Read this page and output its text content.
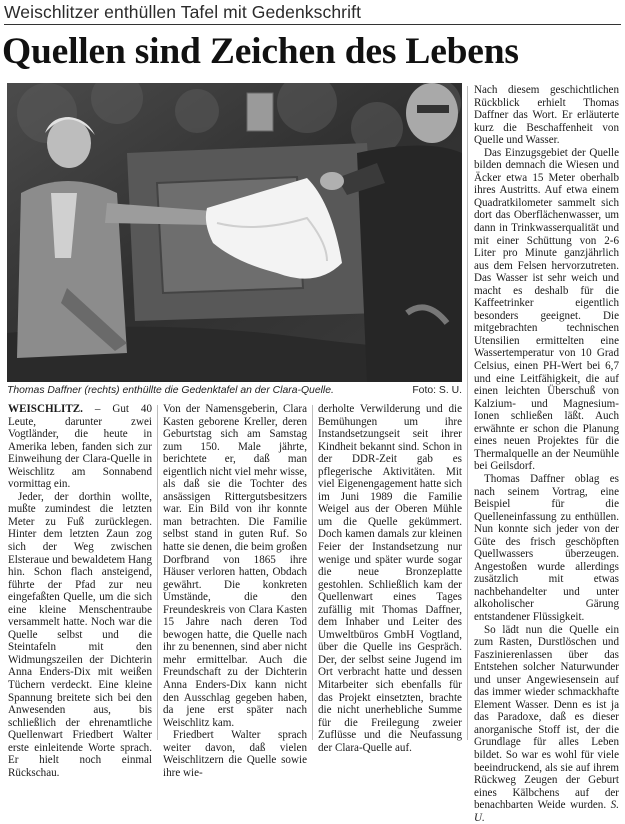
Weischlitzer enthüllen Tafel mit Gedenkschrift
Quellen sind Zeichen des Lebens
Thomas Daffner (rechts) enthüllte die Gedenktafel an der Clara-Quelle.	Foto: S. U.

WEISCHLITZ. – Gut 40 Leute, darunter zwei Vogtländer, die heute in Amerika leben, fanden sich zur Einweihung der Clara-Quelle in Weischlitz am Sonnabend vormittag ein.

Jeder, der dorthin wollte, mußte zumindest die letzten Meter zu Fuß zurücklegen. Hinter dem letzten Zaun zog sich der Weg zwischen Elsteraue und bewaldetem Hang hin. Schon flach ansteigend, führte der Pfad zur neu eingefaßten Quelle, um die sich eine kleine Menschentraube versammelt hatte. Noch war die Quelle selbst und die Steintafeln mit den Widmungszeilen der Dichterin Anna Enders-Dix mit weißen Tüchern verdeckt. Eine kleine Spannung breitete sich bei den Anwesenden aus, bis schließlich der ehrenamtliche Quellenwart Friedbert Walter erste einleitende Worte sprach. Er hielt noch einmal Rückschau.

Von der Namensgeberin, Clara Kasten geborene Kreller, deren Geburtstag sich am Samstag zum 150. Male jährte, berichtete er, daß man eigentlich nicht viel mehr wisse, als daß sie die Tochter des ansässigen Rittergutsbesitzers war. Ein Bild von ihr konnte man betrachten. Die Familie selbst stand in guten Ruf. So hatte sie denen, die beim großen Dorfbrand von 1865 ihre Häuser verloren hatten, Obdach gewährt. Die konkreten Umstände, die den Freundeskreis von Clara Kasten 15 Jahre nach deren Tod bewogen hatte, die Quelle nach ihr zu benennen, sind aber nicht mehr ermittelbar. Auch die Freundschaft zu der Dichterin Anna Enders-Dix kann nicht den Ausschlag gegeben haben, da jene erst später nach Weischlitz kam.

Friedbert Walter sprach weiter davon, daß vielen Weischlitzern die Quelle sowie ihre wie-

derholte Verwilderung und die Bemühungen um ihre Instandsetzungseit seit ihrer Kindheit bekannt sind. Schon in der DDR-Zeit gab es pflegerische Aktivitäten. Mit viel Eigenengagement hatte sich im Juni 1989 die Familie Weigel aus der Oberen Mühle um die Quelle gekümmert. Doch kamen damals zur kleinen Feier der Instandsetzung nur wenige und später wurde sogar die neue Bronzeplatte gestohlen. Schließlich kam der Quellenwart eines Tages zufällig mit Thomas Daffner, dem Inhaber und Leiter des Umweltbüros GmbH Vogtland, über die Quelle ins Gespräch. Der, der selbst seine Jugend im Ort verbracht hatte und dessen Mitarbeiter sich ebenfalls für das Projekt einsetzten, brachte die nicht unerhebliche Summe für die Freilegung zweier Zuflüsse und die Neufassung der Clara-Quelle auf.

Nach diesem geschichtlichen Rückblick erhielt Thomas Daffner das Wort. Er erläuterte kurz die Beschaffenheit von Quelle und Wasser.

Das Einzugsgebiet der Quelle bilden demnach die Wiesen und Äcker etwa 15 Meter oberhalb ihres Austritts. Auf etwa einem Quadratkilometer sammelt sich dort das Oberflächenwasser, um dann in Trinkwasserqualität und mit einer Schüttung von 2-6 Liter pro Minute ganzjährlich aus dem Felsen hervorzutreten. Das Wasser ist sehr weich und macht es deshalb für die Kaffeetrinker eigentlich besonders geeignet. Die mitgebrachten technischen Utensilien ermittelten eine Wassertemperatur von 10 Grad Celsius, einen PH-Wert bei 6,7 und eine Leitfähigkeit, die auf einen leichten Überschuß von Kalzium- und Magnesium-Ionen schließen läßt. Auch erwähnte er schon die Planung eines neuen Projektes für die Thermalquelle an der Neumühle bei Geilsdorf.

Thomas Daffner oblag es nach seinem Vortrag, eine Beispiel für die Quelleneinfassung zu enthüllen. Nun konnte sich jeder von der Güte des frisch geschöpften Quellwassers überzeugen. Angestoßen wurde allerdings zusätzlich mit etwas nachbehandelter und unter alkoholischer Gärung entstandener Flüssigkeit.

So lädt nun die Quelle ein zum Rasten, Durstlöschen und Faszinierenlassen über das Entstehen solcher Naturwunder und unser Angewiesensein auf das immer wieder schmackhafte Element Wasser. Denn es ist ja das Paradoxe, daß es dieser anorganische Stoff ist, der die Grundlage für alles Leben bildet. So war es wohl für viele beeindruckend, als sie auf ihrem Rückweg Zeugen der Geburt eines Kälbchens auf der benachbarten Weide wurden. S. U.
